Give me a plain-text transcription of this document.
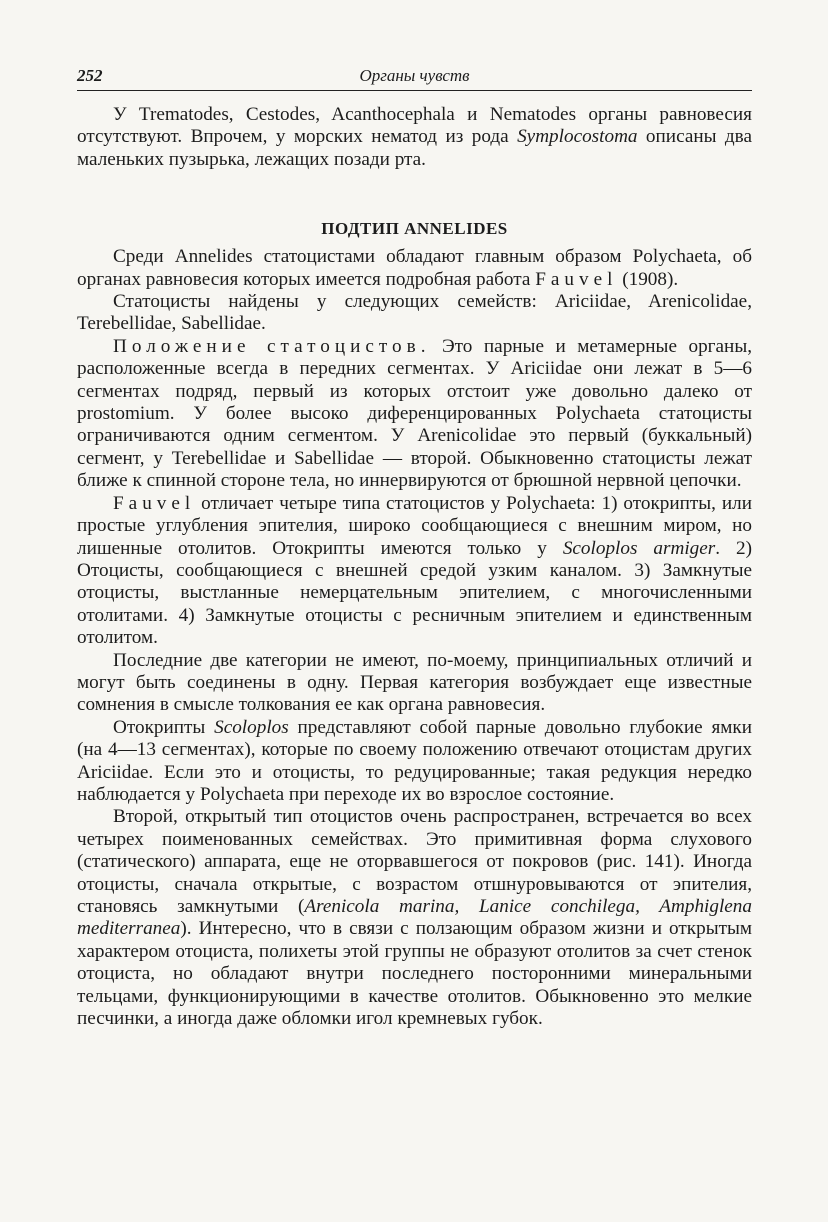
252	Органы чувств

У Trematodes, Cestodes, Acanthocephala и Nematodes органы равновесия отсутствуют. Впрочем, у морских нематод из рода Symplocostoma описаны два маленьких пузырька, лежащих позади рта.

ПОДТИП ANNELIDES

Среди Annelides статоцистами обладают главным образом Polychaeta, об органах равновесия которых имеется подробная работа Fauvel (1908).

Статоцисты найдены у следующих семейств: Ariciidae, Arenicolidae, Terebellidae, Sabellidae.

Положение статоцистов. Это парные и метамерные органы, расположенные всегда в передних сегментах. У Ariciidae они лежат в 5—6 сегментах подряд, первый из которых отстоит уже довольно далеко от prostomium. У более высоко диференцированных Polychaeta статоцисты ограничиваются одним сегментом. У Arenicolidae это первый (буккальный) сегмент, у Terebellidae и Sabellidae — второй. Обыкновенно статоцисты лежат ближе к спинной стороне тела, но иннервируются от брюшной нервной цепочки.

Fauvel отличает четыре типа статоцистов у Polychaeta: 1) отокрипты, или простые углубления эпителия, широко сообщающиеся с внешним миром, но лишенные отолитов. Отокрипты имеются только у Scoloplos armiger. 2) Отоцисты, сообщающиеся с внешней средой узким каналом. 3) Замкнутые отоцисты, выстланные немерцательным эпителием, с многочисленными отолитами. 4) Замкнутые отоцисты с ресничным эпителием и единственным отолитом.

Последние две категории не имеют, по-моему, принципиальных отличий и могут быть соединены в одну. Первая категория возбуждает еще известные сомнения в смысле толкования ее как органа равновесия.

Отокрипты Scoloplos представляют собой парные довольно глубокие ямки (на 4—13 сегментах), которые по своему положению отвечают отоцистам других Ariciidae. Если это и отоцисты, то редуцированные; такая редукция нередко наблюдается у Polychaeta при переходе их во взрослое состояние.

Второй, открытый тип отоцистов очень распространен, встречается во всех четырех поименованных семействах. Это примитивная форма слухового (статического) аппарата, еще не оторвавшегося от покровов (рис. 141). Иногда отоцисты, сначала открытые, с возрастом отшнуровываются от эпителия, становясь замкнутыми (Arenicola marina, Lanice conchilega, Amphiglena mediterranea). Интересно, что в связи с ползающим образом жизни и открытым характером отоциста, полихеты этой группы не образуют отолитов за счет стенок отоциста, но обладают внутри последнего посторонними минеральными тельцами, функционирующими в качестве отолитов. Обыкновенно это мелкие песчинки, а иногда даже обломки игол кремневых губок.
